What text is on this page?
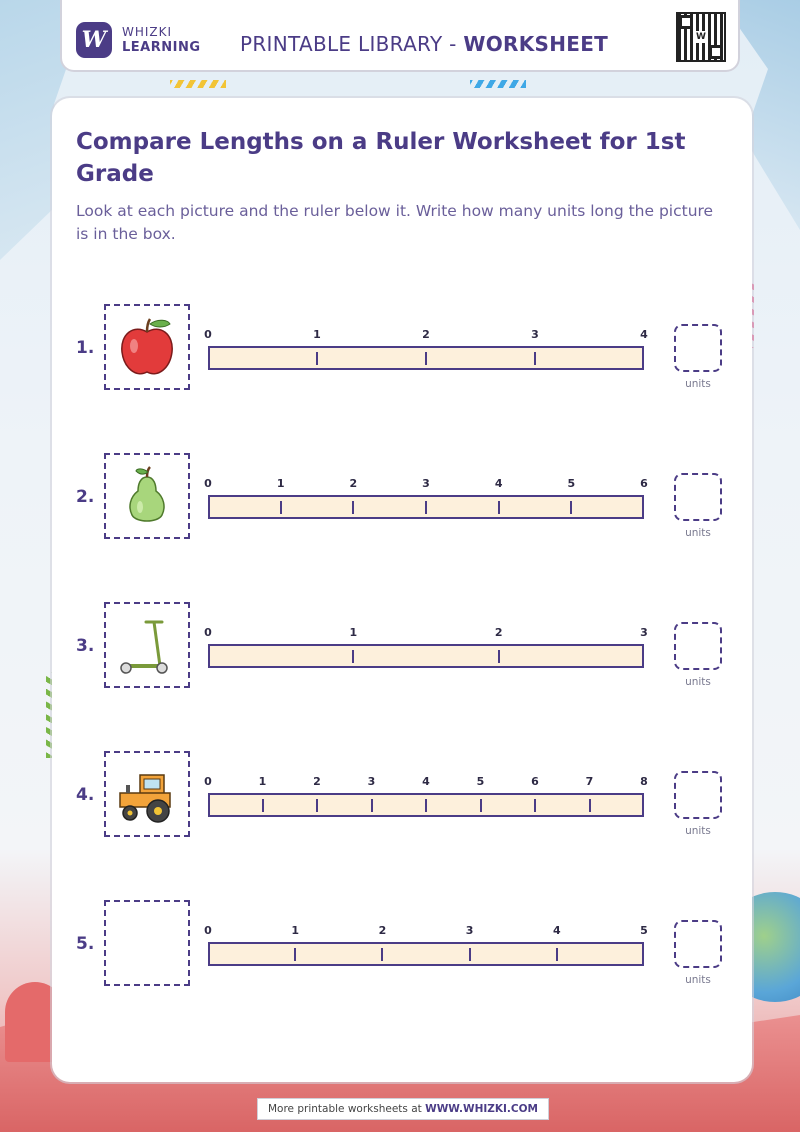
W	WHIZKI
LEARNING PRINTABLE LIBRARY - WORKSHEET	W
Compare Lengths on a Ruler Worksheet for 1st Grade

Look at each picture and the ruler below it. Write how many units long the picture is in the box.

1.
0	1	2	3	4
units
2.
0	1	2	3	4	5	6
units
3.
0	1	2	3
units
4.
0	1	2	3	4	5	6	7	8
units
5.
0	1	2	3	4	5
units
More printable worksheets at WWW.WHIZKI.COM
